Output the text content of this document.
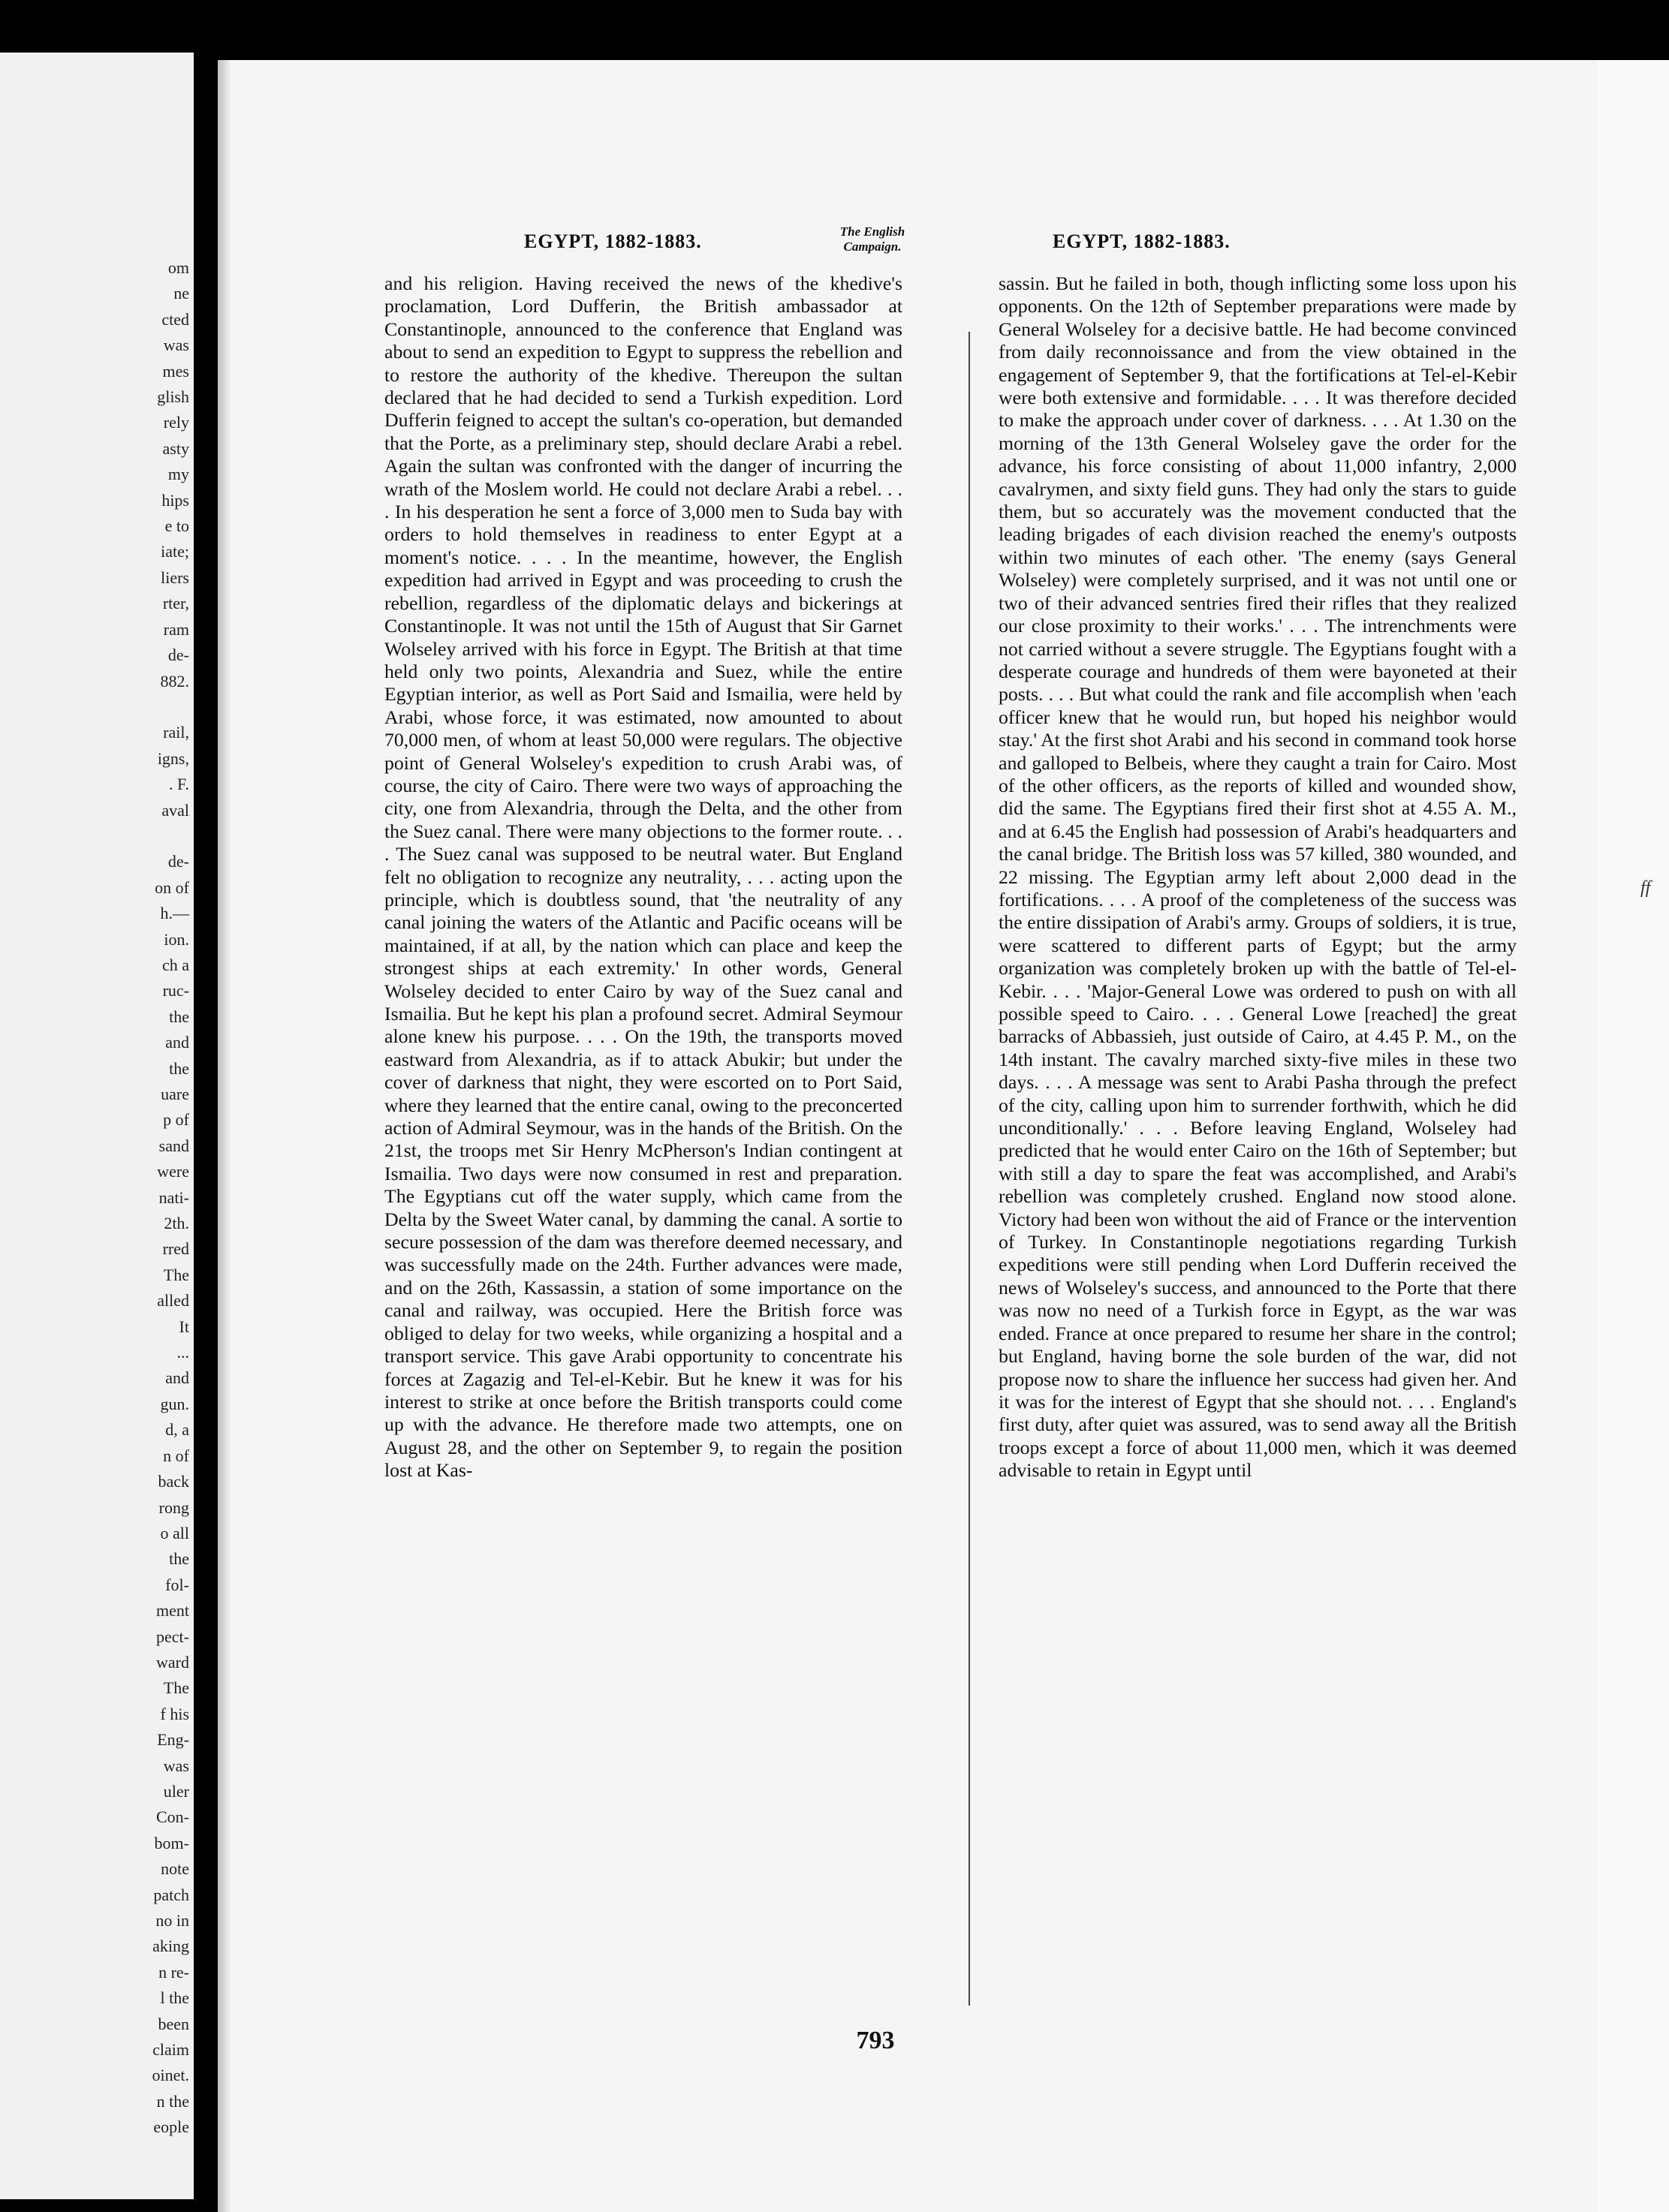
om
ne
cted
was
mes
glish
rely
asty
my
hips
e to
iate;
liers
rter,
ram
de-
882.

rail,
igns,
. F.
aval

de-
on of
h.—
ion.
ch a
ruc-
the
and
the
uare
p of
sand
were
nati-
2th.
rred
The
alled
It
...
and
gun.
d, a
n of
back
rong
o all
the
fol-
ment
pect-
ward
The
f his
Eng-
was
uler
Con-
bom-
note
patch
no in
aking
n re-
l the
been
claim
oinet.
n the
eople
EGYPT, 1882-1883.	The English Campaign.	EGYPT, 1882-1883.

and his religion. Having received the news of the khedive's proclamation, Lord Dufferin, the British ambassador at Constantinople, announced to the conference that England was about to send an expedition to Egypt to suppress the rebellion and to restore the authority of the khedive. Thereupon the sultan declared that he had decided to send a Turkish expedition. Lord Dufferin feigned to accept the sultan's co-operation, but demanded that the Porte, as a preliminary step, should declare Arabi a rebel. Again the sultan was confronted with the danger of incurring the wrath of the Moslem world. He could not declare Arabi a rebel. . . . In his desperation he sent a force of 3,000 men to Suda bay with orders to hold themselves in readiness to enter Egypt at a moment's notice. . . . In the meantime, however, the English expedition had arrived in Egypt and was proceeding to crush the rebellion, regardless of the diplomatic delays and bickerings at Constantinople. It was not until the 15th of August that Sir Garnet Wolseley arrived with his force in Egypt. The British at that time held only two points, Alexandria and Suez, while the entire Egyptian interior, as well as Port Said and Ismailia, were held by Arabi, whose force, it was estimated, now amounted to about 70,000 men, of whom at least 50,000 were regulars. The objective point of General Wolseley's expedition to crush Arabi was, of course, the city of Cairo. There were two ways of approaching the city, one from Alexandria, through the Delta, and the other from the Suez canal. There were many objections to the former route. . . . The Suez canal was supposed to be neutral water. But England felt no obligation to recognize any neutrality, . . . acting upon the principle, which is doubtless sound, that 'the neutrality of any canal joining the waters of the Atlantic and Pacific oceans will be maintained, if at all, by the nation which can place and keep the strongest ships at each extremity.' In other words, General Wolseley decided to enter Cairo by way of the Suez canal and Ismailia. But he kept his plan a profound secret. Admiral Seymour alone knew his purpose. . . . On the 19th, the transports moved eastward from Alexandria, as if to attack Abukir; but under the cover of darkness that night, they were escorted on to Port Said, where they learned that the entire canal, owing to the preconcerted action of Admiral Seymour, was in the hands of the British. On the 21st, the troops met Sir Henry McPherson's Indian contingent at Ismailia. Two days were now consumed in rest and preparation. The Egyptians cut off the water supply, which came from the Delta by the Sweet Water canal, by damming the canal. A sortie to secure possession of the dam was therefore deemed necessary, and was successfully made on the 24th. Further advances were made, and on the 26th, Kassassin, a station of some importance on the canal and railway, was occupied. Here the British force was obliged to delay for two weeks, while organizing a hospital and a transport service. This gave Arabi opportunity to concentrate his forces at Zagazig and Tel-el-Kebir. But he knew it was for his interest to strike at once before the British transports could come up with the advance. He therefore made two attempts, one on August 28, and the other on September 9, to regain the position lost at Kas-

sassin. But he failed in both, though inflicting some loss upon his opponents. On the 12th of September preparations were made by General Wolseley for a decisive battle. He had become convinced from daily reconnoissance and from the view obtained in the engagement of September 9, that the fortifications at Tel-el-Kebir were both extensive and formidable. . . . It was therefore decided to make the approach under cover of darkness. . . . At 1.30 on the morning of the 13th General Wolseley gave the order for the advance, his force consisting of about 11,000 infantry, 2,000 cavalrymen, and sixty field guns. They had only the stars to guide them, but so accurately was the movement conducted that the leading brigades of each division reached the enemy's outposts within two minutes of each other. 'The enemy (says General Wolseley) were completely surprised, and it was not until one or two of their advanced sentries fired their rifles that they realized our close proximity to their works.' . . . The intrenchments were not carried without a severe struggle. The Egyptians fought with a desperate courage and hundreds of them were bayoneted at their posts. . . . But what could the rank and file accomplish when 'each officer knew that he would run, but hoped his neighbor would stay.' At the first shot Arabi and his second in command took horse and galloped to Belbeis, where they caught a train for Cairo. Most of the other officers, as the reports of killed and wounded show, did the same. The Egyptians fired their first shot at 4.55 A. M., and at 6.45 the English had possession of Arabi's headquarters and the canal bridge. The British loss was 57 killed, 380 wounded, and 22 missing. The Egyptian army left about 2,000 dead in the fortifications. . . . A proof of the completeness of the success was the entire dissipation of Arabi's army. Groups of soldiers, it is true, were scattered to different parts of Egypt; but the army organization was completely broken up with the battle of Tel-el-Kebir. . . . 'Major-General Lowe was ordered to push on with all possible speed to Cairo. . . . General Lowe [reached] the great barracks of Abbassieh, just outside of Cairo, at 4.45 P. M., on the 14th instant. The cavalry marched sixty-five miles in these two days. . . . A message was sent to Arabi Pasha through the prefect of the city, calling upon him to surrender forthwith, which he did unconditionally.' . . . Before leaving England, Wolseley had predicted that he would enter Cairo on the 16th of September; but with still a day to spare the feat was accomplished, and Arabi's rebellion was completely crushed. England now stood alone. Victory had been won without the aid of France or the intervention of Turkey. In Constantinople negotiations regarding Turkish expeditions were still pending when Lord Dufferin received the news of Wolseley's success, and announced to the Porte that there was now no need of a Turkish force in Egypt, as the war was ended. France at once prepared to resume her share in the control; but England, having borne the sole burden of the war, did not propose now to share the influence her success had given her. And it was for the interest of Egypt that she should not. . . . England's first duty, after quiet was assured, was to send away all the British troops except a force of about 11,000 men, which it was deemed advisable to retain in Egypt until

793
ff
